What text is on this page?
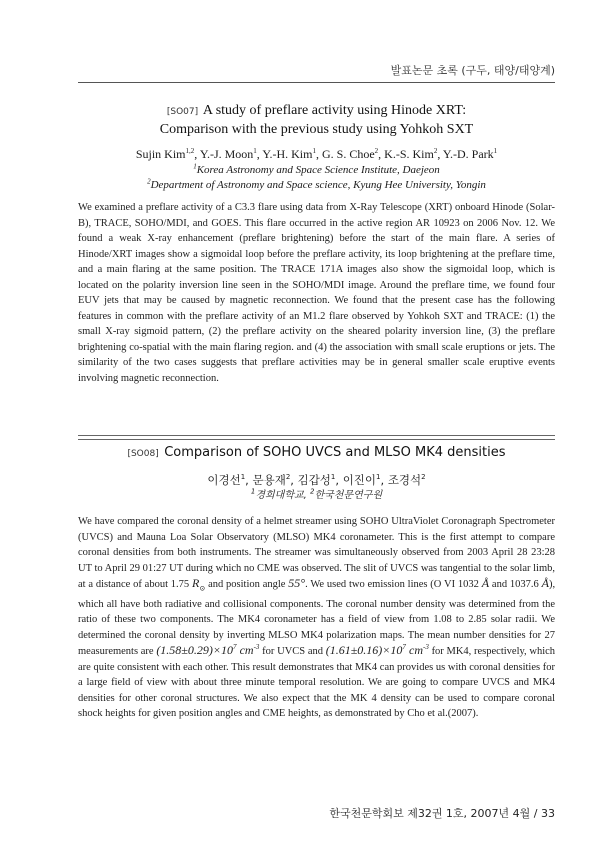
발표논문 초록 (구두, 태양/태양계)
[SO07] A study of preflare activity using Hinode XRT:
Comparison with the previous study using Yohkoh SXT
Sujin Kim$^{1,2}$, Y.-J. Moon$^1$, Y.-H. Kim$^1$, G. S. Choe$^2$, K.-S. Kim$^2$, Y.-D. Park$^1$
$^1$Korea Astronomy and Space Science Institute, Daejeon
$^2$Department of Astronomy and Space science, Kyung Hee University, Yongin
We examined a preflare activity of a C3.3 flare using data from X-Ray Telescope (XRT) onboard Hinode (Solar-B), TRACE, SOHO/MDI, and GOES. This flare occurred in the active region AR 10923 on 2006 Nov. 12. We found a weak X-ray enhancement (preflare brightening) before the start of the main flare. A series of Hinode/XRT images show a sigmoidal loop before the preflare activity, its loop brightening at the preflare time, and a main flaring at the same position. The TRACE 171A images also show the sigmoidal loop, which is located on the polarity inversion line seen in the SOHO/MDI image. Around the preflare time, we found four EUV jets that may be caused by magnetic reconnection. We found that the present case has the following features in common with the preflare activity of an M1.2 flare observed by Yohkoh SXT and TRACE: (1) the small X-ray sigmoid pattern, (2) the preflare activity on the sheared polarity inversion line, (3) the preflare brightening co-spatial with the main flaring region. and (4) the association with small scale eruptions or jets. The similarity of the two cases suggests that preflare activities may be in general smaller scale eruptive events involving magnetic reconnection.
[SO08] Comparison of SOHO UVCS and MLSO MK4 densities
이경선$^1$, 문용재$^2$, 김갑성$^1$, 이진이$^1$, 조경석$^2$
$^1$경희대학교, $^2$한국천문연구원
We have compared the coronal density of a helmet streamer using SOHO UltraViolet Coronagraph Spectrometer (UVCS) and Mauna Loa Solar Observatory (MLSO) MK4 coronameter. This is the first attempt to compare coronal densities from both instruments. The streamer was simultaneously observed from 2003 April 28 23:28 UT to April 29 01:27 UT during which no CME was observed. The slit of UVCS was tangential to the solar limb, at a distance of about 1.75 $R_⊙$ and position angle 55°. We used two emission lines (O VI 1032 Å and 1037.6 Å), which all have both radiative and collisional components. The coronal number density was determined from the ratio of these two components. The MK4 coronameter has a field of view from 1.08 to 2.85 solar radii. We determined the coronal density by inverting MLSO MK4 polarization maps. The mean number densities for 27 measurements are $(1.58\pm 0.29)\times 10^7$ $cm^{-3}$ for UVCS and $(1.61\pm 0.16)\times 10^7$ $cm^{-3}$ for MK4, respectively, which are quite consistent with each other. This result demonstrates that MK4 can provides us with coronal densities for a large field of view with about three minute temporal resolution. We are going to compare UVCS and MK4 densities for other coronal structures. We also expect that the MK 4 density can be used to compare coronal shock heights for given position angles and CME heights, as demonstrated by Cho et al.(2007).
한국천문학회보 제32권 1호, 2007년 4월 / 33
